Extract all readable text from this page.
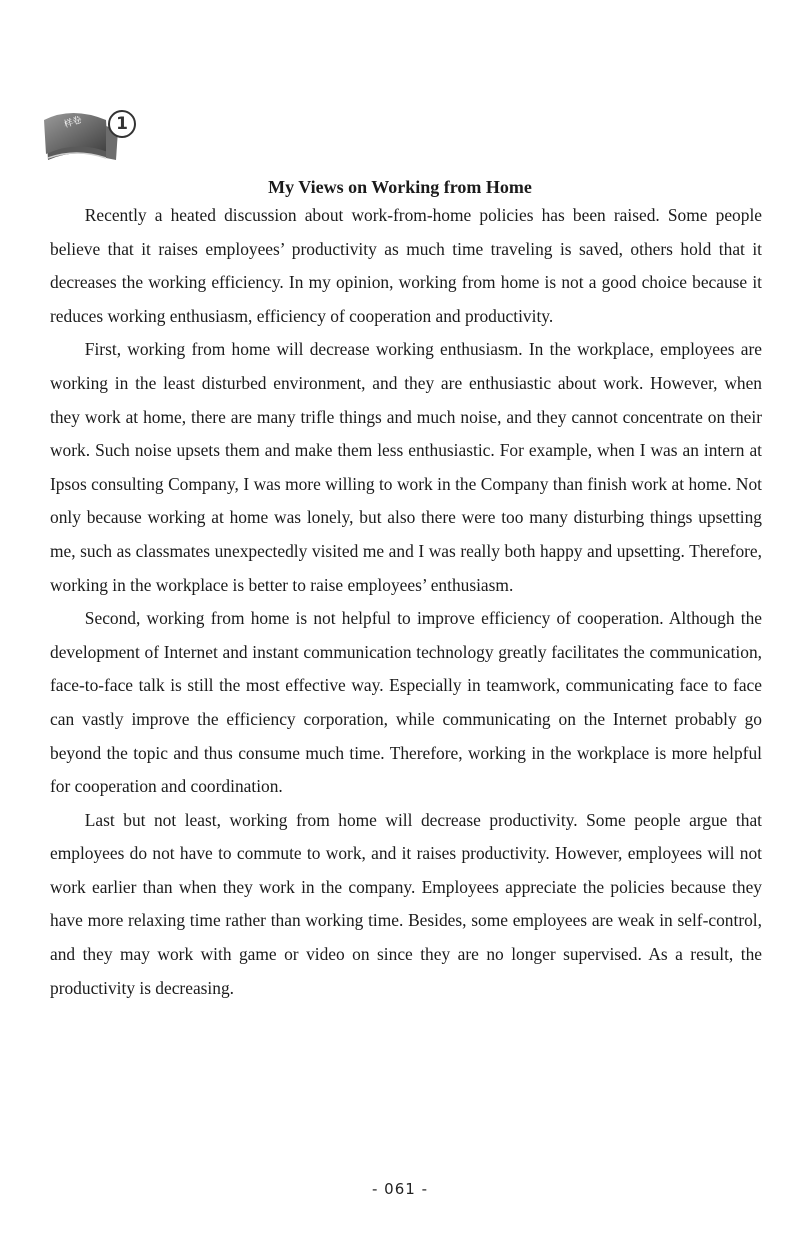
样卷	1
My Views on Working from Home

Recently a heated discussion about work-from-home policies has been raised. Some people believe that it raises employees’ productivity as much time traveling is saved, others hold that it decreases the working efficiency. In my opinion, working from home is not a good choice because it reduces working enthusiasm, efficiency of cooperation and productivity.

First, working from home will decrease working enthusiasm. In the workplace, employees are working in the least disturbed environment, and they are enthusiastic about work. However, when they work at home, there are many trifle things and much noise, and they cannot concentrate on their work. Such noise upsets them and make them less enthusiastic. For example, when I was an intern at Ipsos consulting Company, I was more willing to work in the Company than finish work at home. Not only because working at home was lonely, but also there were too many disturbing things upsetting me, such as classmates unexpectedly visited me and I was really both happy and upsetting. Therefore, working in the workplace is better to raise employees’ enthusiasm.

Second, working from home is not helpful to improve efficiency of cooperation. Although the development of Internet and instant communication technology greatly facilitates the communication, face-to-face talk is still the most effective way. Especially in teamwork, communicating face to face can vastly improve the efficiency corporation, while communicating on the Internet probably go beyond the topic and thus consume much time. Therefore, working in the workplace is more helpful for cooperation and coordination.

Last but not least, working from home will decrease productivity. Some people argue that employees do not have to commute to work, and it raises productivity. However, employees will not work earlier than when they work in the company. Employees appreciate the policies because they have more relaxing time rather than working time. Besides, some employees are weak in self-control, and they may work with game or video on since they are no longer supervised. As a result, the productivity is decreasing.

- 061 -
